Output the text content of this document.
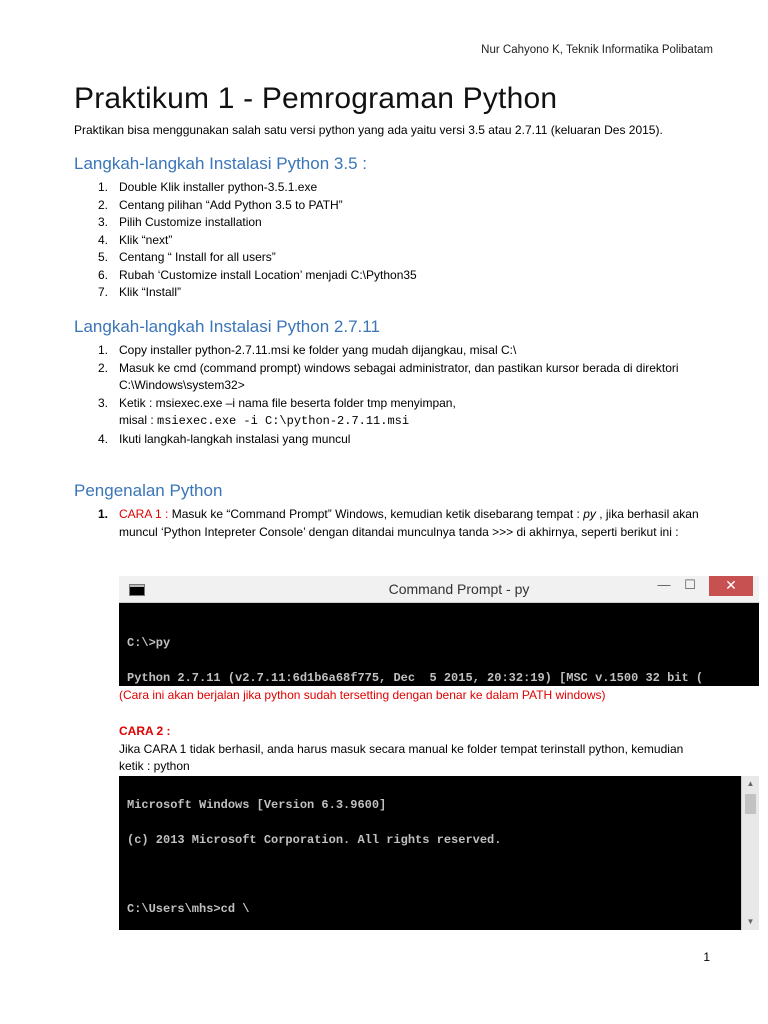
Nur Cahyono K, Teknik Informatika Polibatam
Praktikum 1 - Pemrograman Python
Praktikan bisa menggunakan salah satu versi python yang ada yaitu versi 3.5 atau 2.7.11 (keluaran Des 2015).
Langkah-langkah Instalasi Python 3.5 :
1. Double Klik installer python-3.5.1.exe
2. Centang pilihan “Add Python 3.5 to PATH”
3. Pilih Customize installation
4. Klik “next”
5. Centang “ Install for all users”
6. Rubah ‘Customize install Location’ menjadi C:\Python35
7. Klik “Install”
Langkah-langkah Instalasi Python 2.7.11
1. Copy installer python-2.7.11.msi ke folder yang mudah dijangkau, misal C:\
2. Masuk ke cmd (command prompt) windows sebagai administrator, dan pastikan kursor berada di direktori C:\Windows\system32>
3. Ketik : msiexec.exe –i nama file beserta folder tmp menyimpan,
misal : msiexec.exe -i C:\python-2.7.11.msi
4. Ikuti langkah-langkah instalasi yang muncul
Pengenalan Python
1. CARA 1 : Masuk ke “Command Prompt” Windows, kemudian ketik disebarang tempat : py , jika berhasil akan muncul ‘Python Intepreter Console’ dengan ditandai munculnya tanda >>> di akhirnya, seperti berikut ini :
Command Prompt - py	—	☐	✕

C:\>py

Python 2.7.11 (v2.7.11:6d1b6a68f775, Dec  5 2015, 20:32:19) [MSC v.1500 32 bit (

(Cara ini akan berjalan jika python sudah tersetting dengan benar ke dalam PATH windows)
CARA 2 :
Jika CARA 1 tidak berhasil, anda harus masuk secara manual ke folder tempat terinstall python, kemudian ketik : python

Microsoft Windows [Version 6.3.9600]

(c) 2013 Microsoft Corporation. All rights reserved.

C:\Users\mhs>cd \

▲
▼
1
